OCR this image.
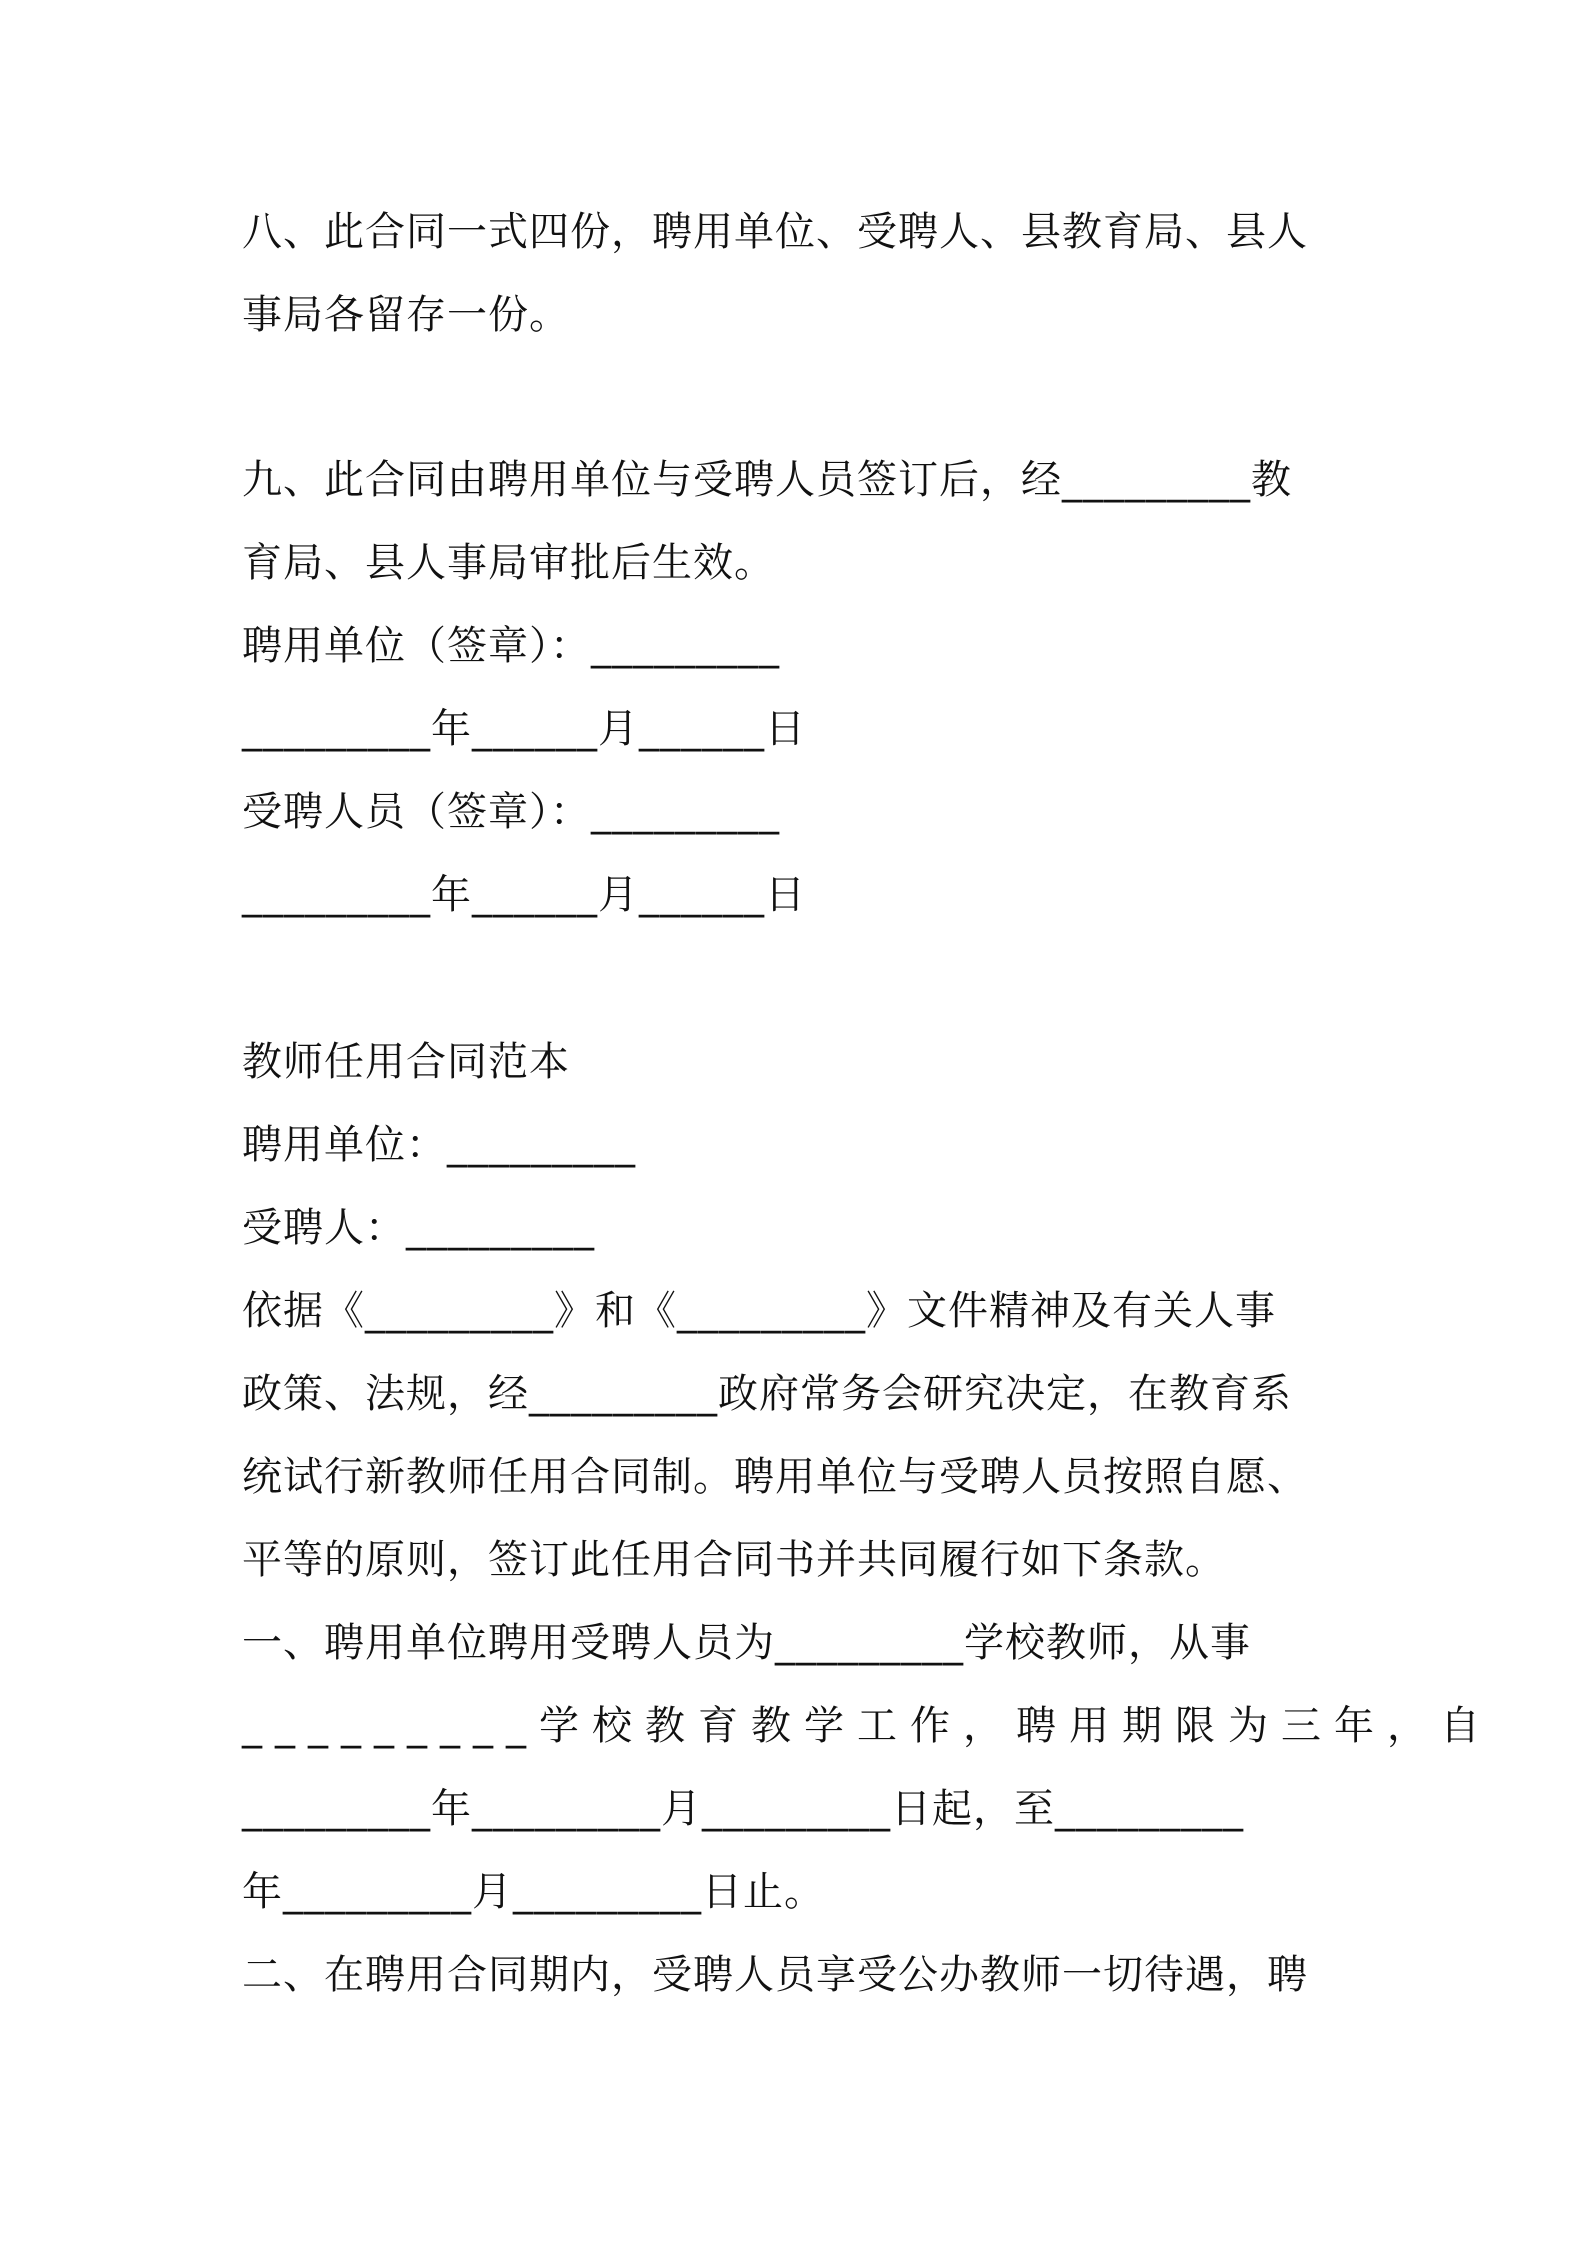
八、此合同一式四份，聘用单位、受聘人、县教育局、县人
事局各留存一份。
九、此合同由聘用单位与受聘人员签订后，经_________教
育局、县人事局审批后生效。
聘用单位（签章）：_________
_________年______月______日
受聘人员（签章）：_________
_________年______月______日
教师任用合同范本
聘用单位：_________
受聘人：_________
依据《_________》和《_________》文件精神及有关人事
政策、法规，经_________政府常务会研究决定，在教育系
统试行新教师任用合同制。聘用单位与受聘人员按照自愿、
平等的原则，签订此任用合同书并共同履行如下条款。
一、聘用单位聘用受聘人员为_________学校教师，从事
_________学校教育教学工作，聘用期限为三年，自
_________年_________月_________日起，至_________
年_________月_________日止。
二、在聘用合同期内，受聘人员享受公办教师一切待遇，聘
